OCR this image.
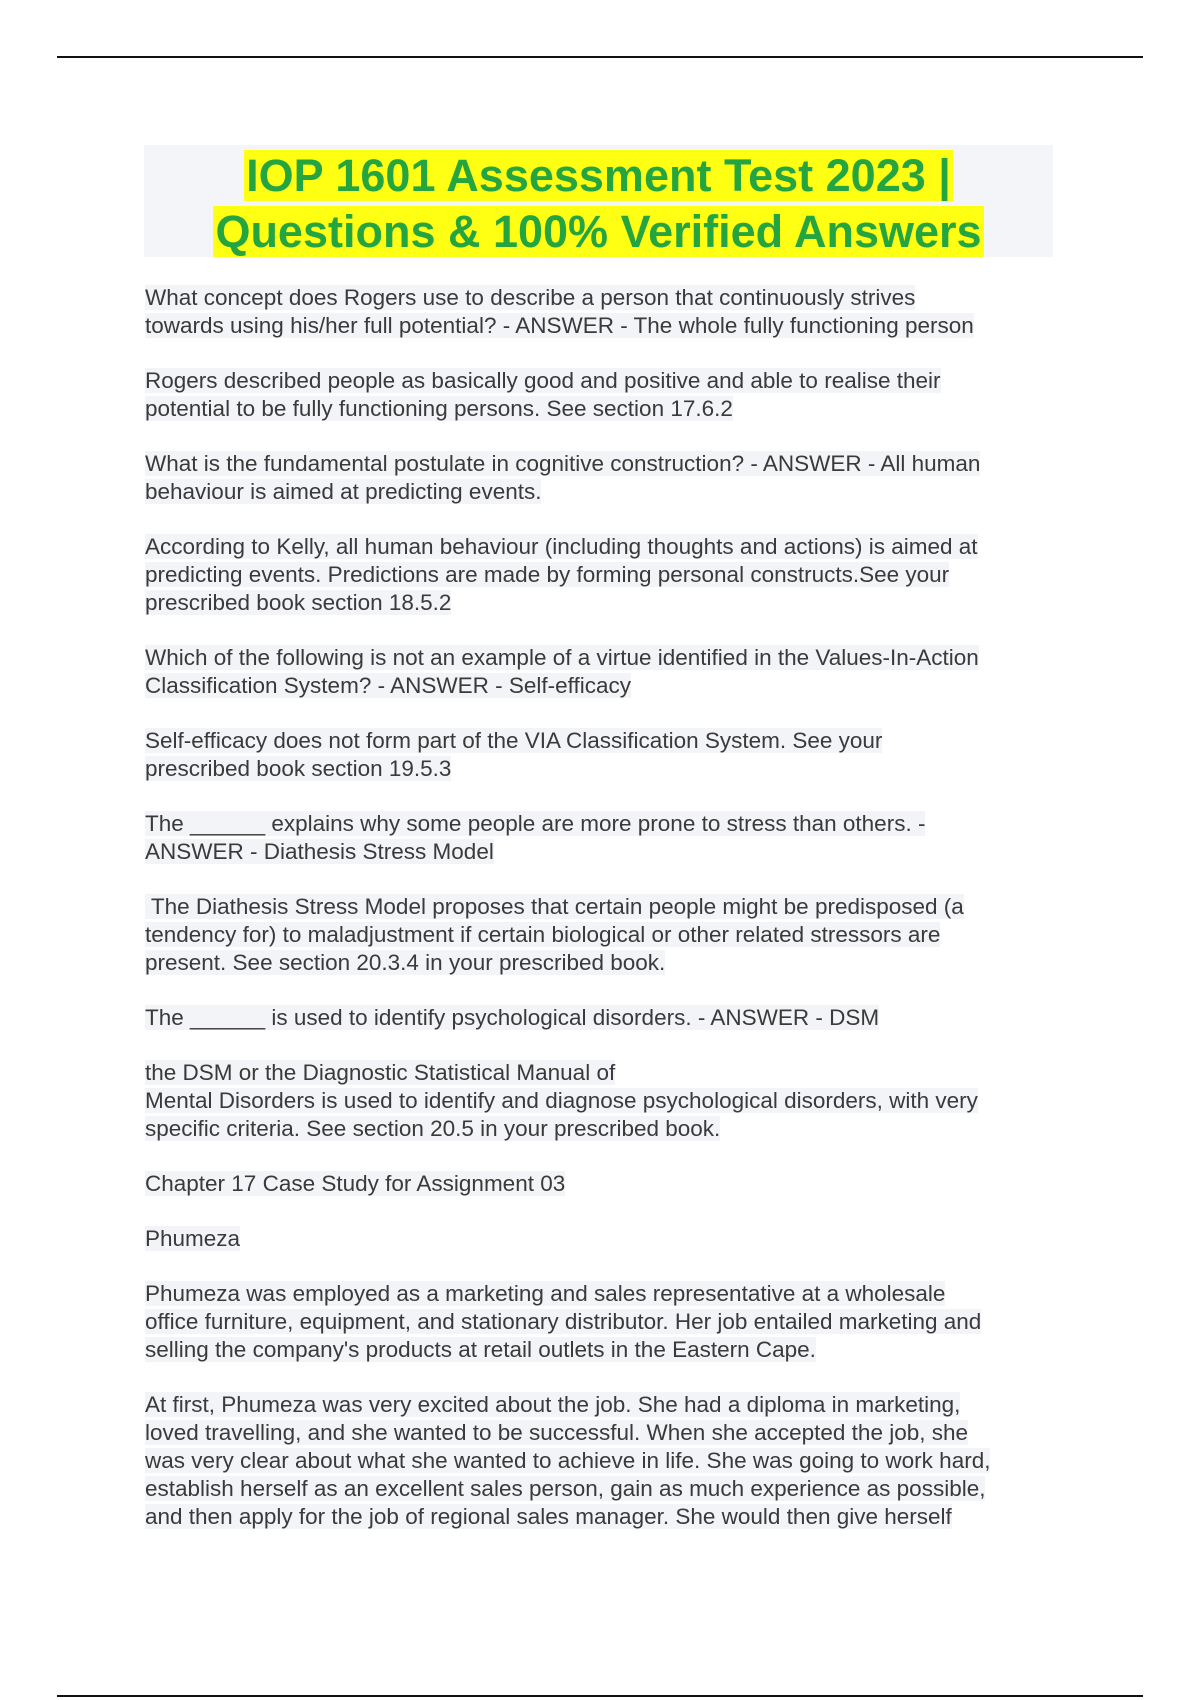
IOP 1601 Assessment Test 2023 |
Questions & 100% Verified Answers
What concept does Rogers use to describe a person that continuously strives
towards using his/her full potential? - ANSWER - The whole fully functioning person
Rogers described people as basically good and positive and able to realise their
potential to be fully functioning persons. See section 17.6.2
What is the fundamental postulate in cognitive construction? - ANSWER - All human
behaviour is aimed at predicting events.
According to Kelly, all human behaviour (including thoughts and actions) is aimed at
predicting events. Predictions are made by forming personal constructs.See your
prescribed book section 18.5.2
Which of the following is not an example of a virtue identified in the Values-In-Action
Classification System? - ANSWER - Self-efficacy
Self-efficacy does not form part of the VIA Classification System. See your
prescribed book section 19.5.3
The ______ explains why some people are more prone to stress than others. -
ANSWER - Diathesis Stress Model
The Diathesis Stress Model proposes that certain people might be predisposed (a
tendency for) to maladjustment if certain biological or other related stressors are
present. See section 20.3.4 in your prescribed book.
The ______ is used to identify psychological disorders. - ANSWER - DSM
the DSM or the Diagnostic Statistical Manual of
Mental Disorders is used to identify and diagnose psychological disorders, with very
specific criteria. See section 20.5 in your prescribed book.
Chapter 17 Case Study for Assignment 03
Phumeza
Phumeza was employed as a marketing and sales representative at a wholesale
office furniture, equipment, and stationary distributor. Her job entailed marketing and
selling the company's products at retail outlets in the Eastern Cape.
At first, Phumeza was very excited about the job. She had a diploma in marketing,
loved travelling, and she wanted to be successful. When she accepted the job, she
was very clear about what she wanted to achieve in life. She was going to work hard,
establish herself as an excellent sales person, gain as much experience as possible,
and then apply for the job of regional sales manager. She would then give herself
